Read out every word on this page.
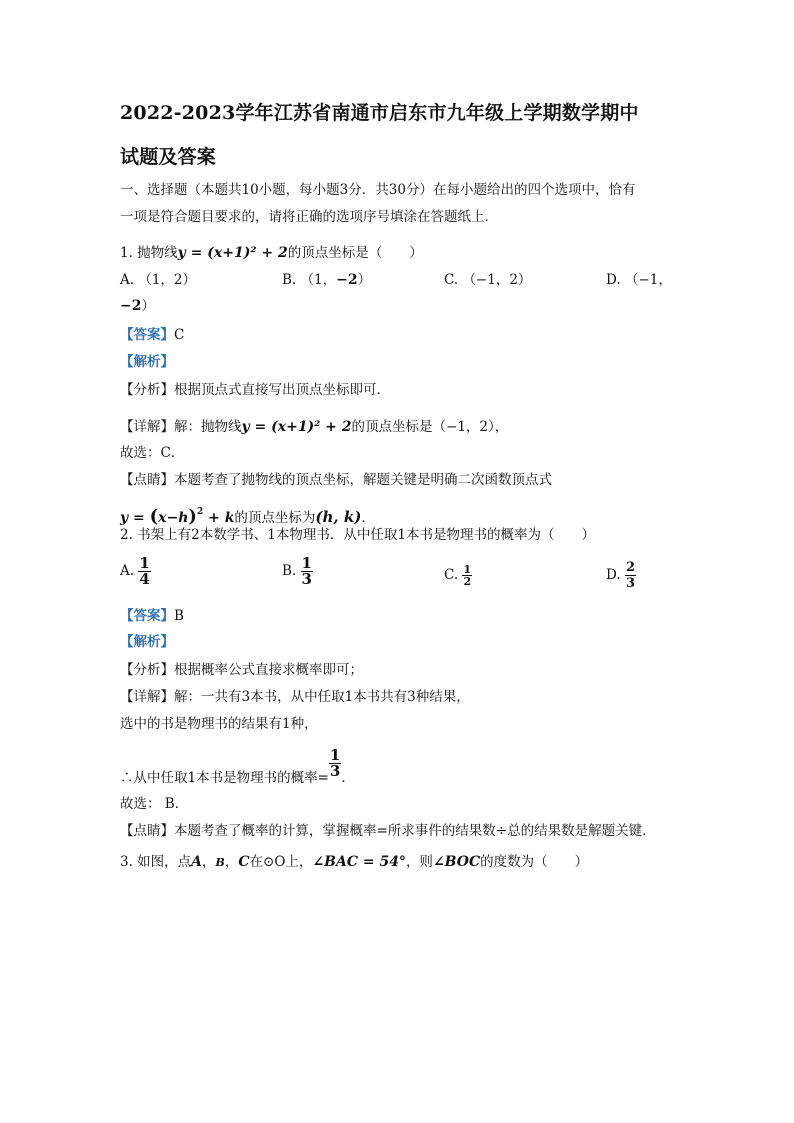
2022-2023学年江苏省南通市启东市九年级上学期数学期中
试题及答案
一、选择题（本题共10小题，每小题3分．共30分）在每小题给出的四个选项中，恰有
一项是符合题目要求的，请将正确的选项序号填涂在答题纸上．
1. 抛物线y = (x+1)² + 2的顶点坐标是（　　）
A. （1，2）	B. （1，−2）	C. （−1，2）	D. （−1，
−2）
【答案】C
【解析】
【分析】根据顶点式直接写出顶点坐标即可．
【详解】解：抛物线y = (x+1)² + 2的顶点坐标是（−1，2），
故选：C．
【点睛】本题考查了抛物线的顶点坐标，解题关键是明确二次函数顶点式
$y = (x-h)^2 + k$的顶点坐标为(h, k)．
2. 书架上有2本数学书、1本物理书．从中任取1本书是物理书的概率为（　　）
A. $\frac{1}{4}$	B. $\frac{1}{3}$	C. $\frac{1}{2}$	D. $\frac{2}{3}$
【答案】B
【解析】
【分析】根据概率公式直接求概率即可；
【详解】解：一共有3本书，从中任取1本书共有3种结果，
选中的书是物理书的结果有1种，
∴从中任取1本书是物理书的概率= $\frac{1}{3}$ ．
故选： B．
【点睛】本题考查了概率的计算，掌握概率=所求事件的结果数÷总的结果数是解题关键．
3. 如图，点A，B，C在⊙O上，∠BAC = 54°，则∠BOC的度数为（　　）
